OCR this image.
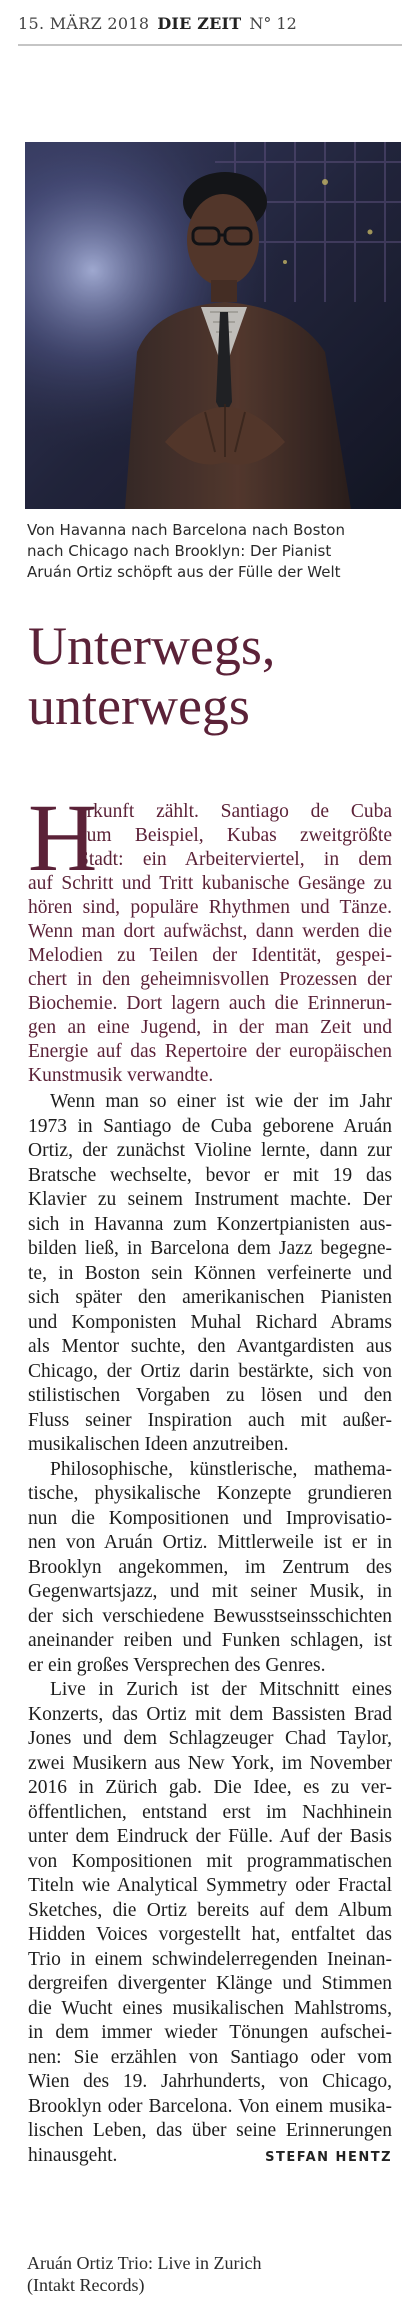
15. MÄRZ 2018 DIE ZEIT N° 12
Von Havanna nach Barcelona nach Boston
nach Chicago nach Brooklyn: Der Pianist
Aruán Ortiz schöpft aus der Fülle der Welt
Unterwegs,
unterwegs
H
erkunft zählt. Santiago de Cuba
zum Beispiel, Kubas zweitgrößte
Stadt: ein Arbeiterviertel, in dem
auf Schritt und Tritt kubanische Gesänge zu
hören sind, populäre Rhythmen und Tänze.
Wenn man dort aufwächst, dann werden die
Melodien zu Teilen der Identität, gespei-
chert in den geheimnisvollen Prozessen der
Biochemie. Dort lagern auch die Erinnerun-
gen an eine Jugend, in der man Zeit und
Energie auf das Repertoire der europäischen
Kunstmusik verwandte.
Wenn man so einer ist wie der im Jahr
1973 in Santiago de Cuba geborene Aruán
Ortiz, der zunächst Violine lernte, dann zur
Bratsche wechselte, bevor er mit 19 das
Klavier zu seinem Instrument machte. Der
sich in Havanna zum Konzertpianisten aus-
bilden ließ, in Barcelona dem Jazz begegne-
te, in Boston sein Können verfeinerte und
sich später den amerikanischen Pianisten
und Komponisten Muhal Richard Abrams
als Mentor suchte, den Avantgardisten aus
Chicago, der Ortiz darin bestärkte, sich von
stilistischen Vorgaben zu lösen und den
Fluss seiner Inspiration auch mit außer-
musikalischen Ideen anzutreiben.
Philosophische, künstlerische, mathema-
tische, physikalische Konzepte grundieren
nun die Kompositionen und Improvisatio-
nen von Aruán Ortiz. Mittlerweile ist er in
Brooklyn angekommen, im Zentrum des
Gegenwartsjazz, und mit seiner Musik, in
der sich verschiedene Bewusstseinsschichten
aneinander reiben und Funken schlagen, ist
er ein großes Versprechen des Genres.
Live in Zurich ist der Mitschnitt eines
Konzerts, das Ortiz mit dem Bassisten Brad
Jones und dem Schlagzeuger Chad Taylor,
zwei Musikern aus New York, im November
2016 in Zürich gab. Die Idee, es zu ver-
öffentlichen, entstand erst im Nachhinein
unter dem Eindruck der Fülle. Auf der Basis
von Kompositionen mit programmatischen
Titeln wie Analytical Symmetry oder Fractal
Sketches, die Ortiz bereits auf dem Album
Hidden Voices vorgestellt hat, entfaltet das
Trio in einem schwindelerregenden Ineinan-
dergreifen divergenter Klänge und Stimmen
die Wucht eines musikalischen Mahlstroms,
in dem immer wieder Tönungen aufschei-
nen: Sie erzählen von Santiago oder vom
Wien des 19. Jahrhunderts, von Chicago,
Brooklyn oder Barcelona. Von einem musika-
lischen Leben, das über seine Erinnerungen
hinausgeht.	STEFAN HENTZ
Aruán Ortiz Trio: Live in Zurich
(Intakt Records)
